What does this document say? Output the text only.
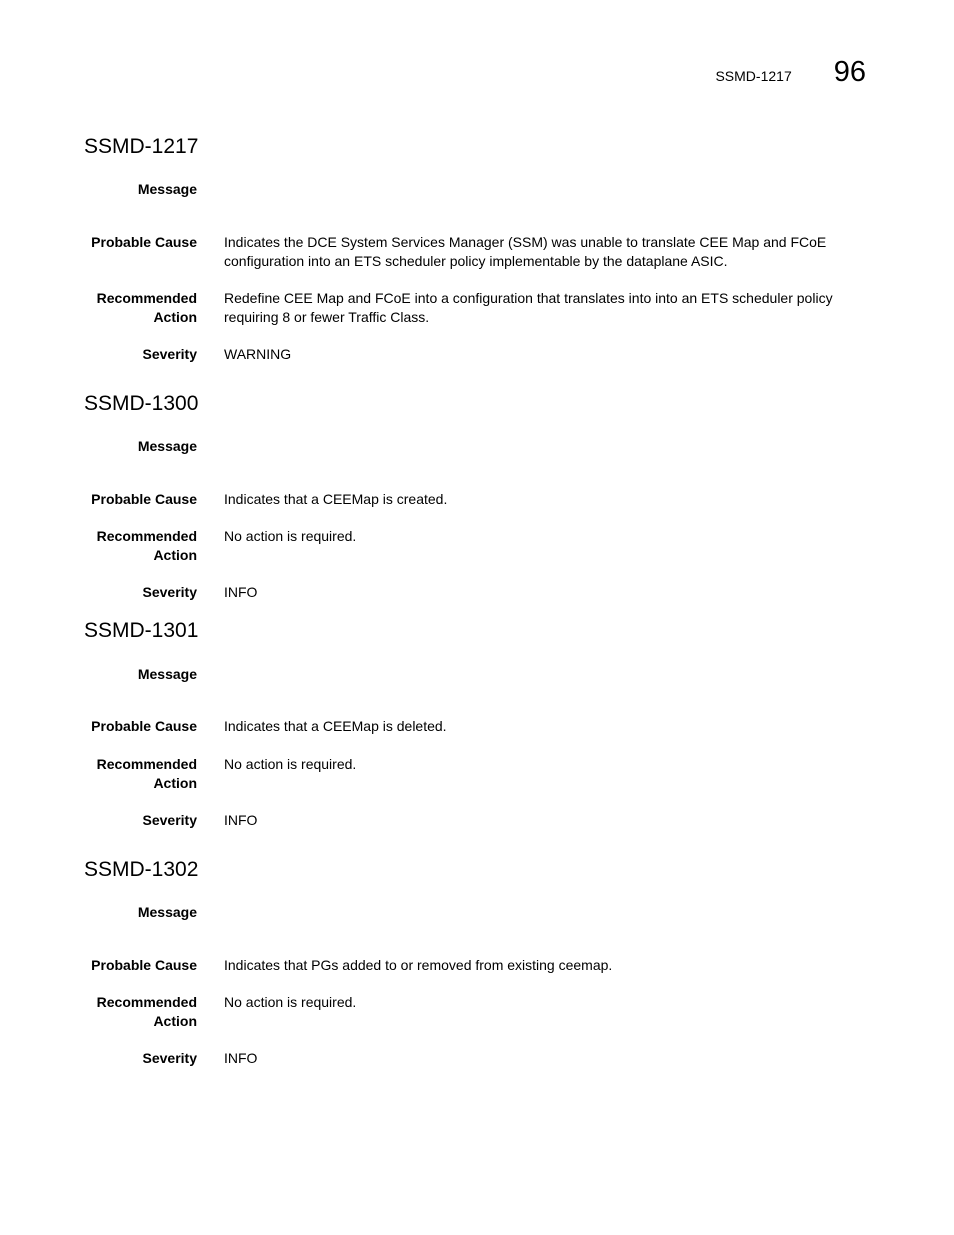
SSMD-1217 96
SSMD-1217
Message
Probable Cause Indicates the DCE System Services Manager (SSM) was unable to translate CEE Map and FCoE configuration into an ETS scheduler policy implementable by the dataplane ASIC.
Recommended
Action
Redefine CEE Map and FCoE into a configuration that translates into into an ETS scheduler policy requiring 8 or fewer Traffic Class.
Severity WARNING
SSMD-1300
Message
Probable Cause Indicates that a CEEMap is created.
Recommended
Action
No action is required.
Severity INFO
SSMD-1301
Message
Probable Cause Indicates that a CEEMap is deleted.
Recommended
Action
No action is required.
Severity INFO
SSMD-1302
Message
Probable Cause Indicates that PGs added to or removed from existing ceemap.
Recommended
Action
No action is required.
Severity INFO
